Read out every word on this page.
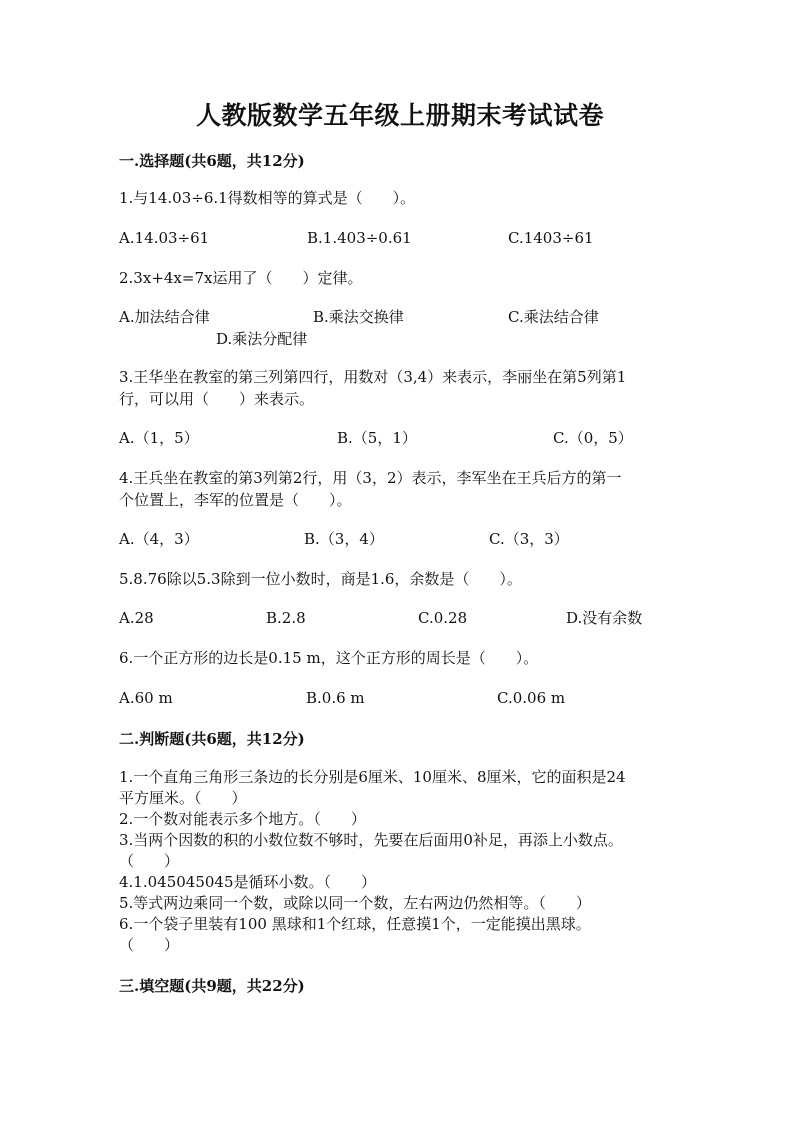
人教版数学五年级上册期末考试试卷
一.选择题(共6题，共12分)
1.与14.03÷6.1得数相等的算式是（　　）。
A.14.03÷61	B.1.403÷0.61	C.1403÷61
2.3x+4x=7x运用了（　　）定律。
A.加法结合律	B.乘法交换律	C.乘法结合律
D.乘法分配律
3.王华坐在教室的第三列第四行，用数对（3,4）来表示，李丽坐在第5列第1
行，可以用（　　）来表示。
A.（1，5）	B.（5，1）	C.（0，5）
4.王兵坐在教室的第3列第2行，用（3，2）表示，李军坐在王兵后方的第一
个位置上，李军的位置是（　　）。
A.（4，3）	B.（3，4）	C.（3，3）
5.8.76除以5.3除到一位小数时，商是1.6，余数是（　　）。
A.28	B.2.8	C.0.28	D.没有余数
6.一个正方形的边长是0.15 m，这个正方形的周长是（　　）。
A.60 m	B.0.6 m	C.0.06 m
二.判断题(共6题，共12分)
1.一个直角三角形三条边的长分别是6厘米、10厘米、8厘米，它的面积是24
平方厘米。（　　）
2.一个数对能表示多个地方。（　　）
3.当两个因数的积的小数位数不够时，先要在后面用0补足，再添上小数点。
（　　）
4.1.045045045是循环小数。（　　）
5.等式两边乘同一个数，或除以同一个数，左右两边仍然相等。（　　）
6.一个袋子里装有100 黑球和1个红球，任意摸1个，一定能摸出黑球。
（　　）
三.填空题(共9题，共22分)
